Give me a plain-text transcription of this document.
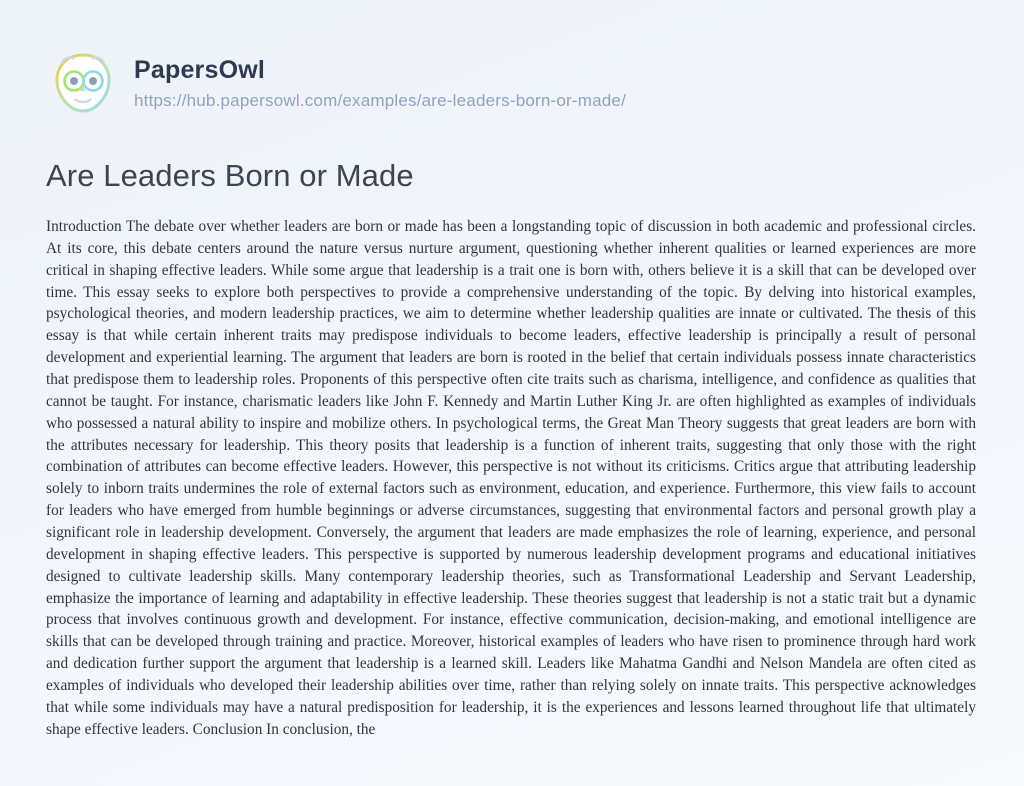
PapersOwl
https://hub.papersowl.com/examples/are-leaders-born-or-made/
Are Leaders Born or Made
Introduction The debate over whether leaders are born or made has been a longstanding topic of discussion in both academic and professional circles. At its core, this debate centers around the nature versus nurture argument, questioning whether inherent qualities or learned experiences are more critical in shaping effective leaders. While some argue that leadership is a trait one is born with, others believe it is a skill that can be developed over time. This essay seeks to explore both perspectives to provide a comprehensive understanding of the topic. By delving into historical examples, psychological theories, and modern leadership practices, we aim to determine whether leadership qualities are innate or cultivated. The thesis of this essay is that while certain inherent traits may predispose individuals to become leaders, effective leadership is principally a result of personal development and experiential learning. The argument that leaders are born is rooted in the belief that certain individuals possess innate characteristics that predispose them to leadership roles. Proponents of this perspective often cite traits such as charisma, intelligence, and confidence as qualities that cannot be taught. For instance, charismatic leaders like John F. Kennedy and Martin Luther King Jr. are often highlighted as examples of individuals who possessed a natural ability to inspire and mobilize others. In psychological terms, the Great Man Theory suggests that great leaders are born with the attributes necessary for leadership. This theory posits that leadership is a function of inherent traits, suggesting that only those with the right combination of attributes can become effective leaders. However, this perspective is not without its criticisms. Critics argue that attributing leadership solely to inborn traits undermines the role of external factors such as environment, education, and experience. Furthermore, this view fails to account for leaders who have emerged from humble beginnings or adverse circumstances, suggesting that environmental factors and personal growth play a significant role in leadership development. Conversely, the argument that leaders are made emphasizes the role of learning, experience, and personal development in shaping effective leaders. This perspective is supported by numerous leadership development programs and educational initiatives designed to cultivate leadership skills. Many contemporary leadership theories, such as Transformational Leadership and Servant Leadership, emphasize the importance of learning and adaptability in effective leadership. These theories suggest that leadership is not a static trait but a dynamic process that involves continuous growth and development. For instance, effective communication, decision-making, and emotional intelligence are skills that can be developed through training and practice. Moreover, historical examples of leaders who have risen to prominence through hard work and dedication further support the argument that leadership is a learned skill. Leaders like Mahatma Gandhi and Nelson Mandela are often cited as examples of individuals who developed their leadership abilities over time, rather than relying solely on innate traits. This perspective acknowledges that while some individuals may have a natural predisposition for leadership, it is the experiences and lessons learned throughout life that ultimately shape effective leaders. Conclusion In conclusion, the
